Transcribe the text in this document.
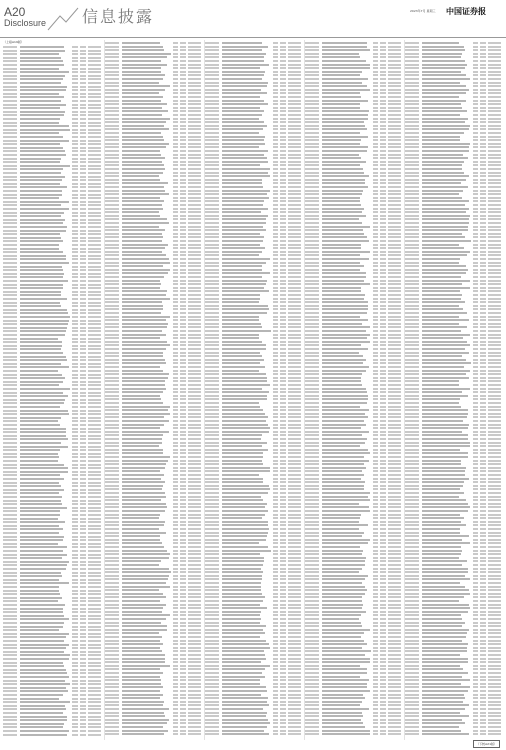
A20
Disclosure 信息披露	2023年7月 星期三 中国证券报
（上接A19版）
（下转A21版）
